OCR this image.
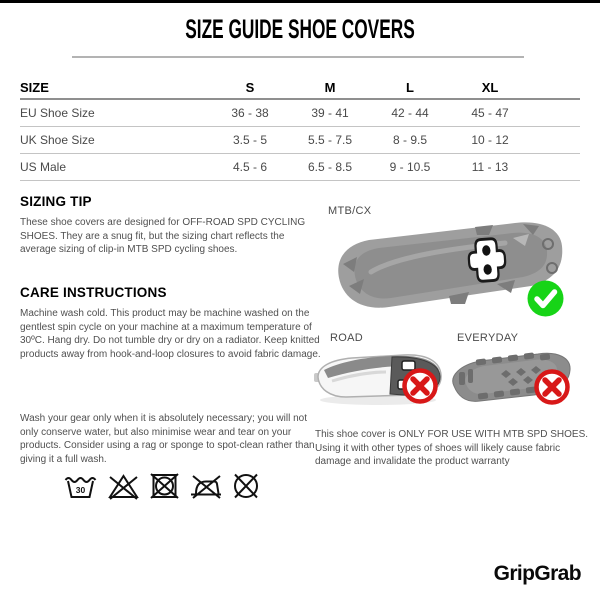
SIZE GUIDE SHOE COVERS
SIZE	S	M	L	XL
EU Shoe Size	36 - 38	39 - 41	42 - 44	45 - 47
UK Shoe Size	3.5 - 5	5.5 - 7.5	8 - 9.5	10 - 12
US Male	4.5 - 6	6.5 - 8.5	9 - 10.5	11 - 13
SIZING TIP
These shoe covers are designed for OFF-ROAD SPD CYCLING SHOES. They are a snug fit, but the sizing chart reflects the average sizing of clip-in MTB SPD cycling shoes.
CARE INSTRUCTIONS
Machine wash cold. This product may be machine washed on the gentlest spin cycle on your machine at a maximum temperature of 30ºC. Hang dry. Do not tumble dry or dry on a radiator. Keep knitted products away from hook-and-loop closures to avoid fabric damage.
Wash your gear only when it is absolutely necessary; you will not only conserve water, but also minimise wear and tear on your products. Consider using a rag or sponge to spot-clean rather than giving it a full wash.
30
MTB/CX
ROAD	EVERYDAY
This shoe cover is ONLY FOR USE WITH MTB SPD SHOES. Using it with other types of shoes will likely cause fabric damage and invalidate the product warranty
GripGrab
